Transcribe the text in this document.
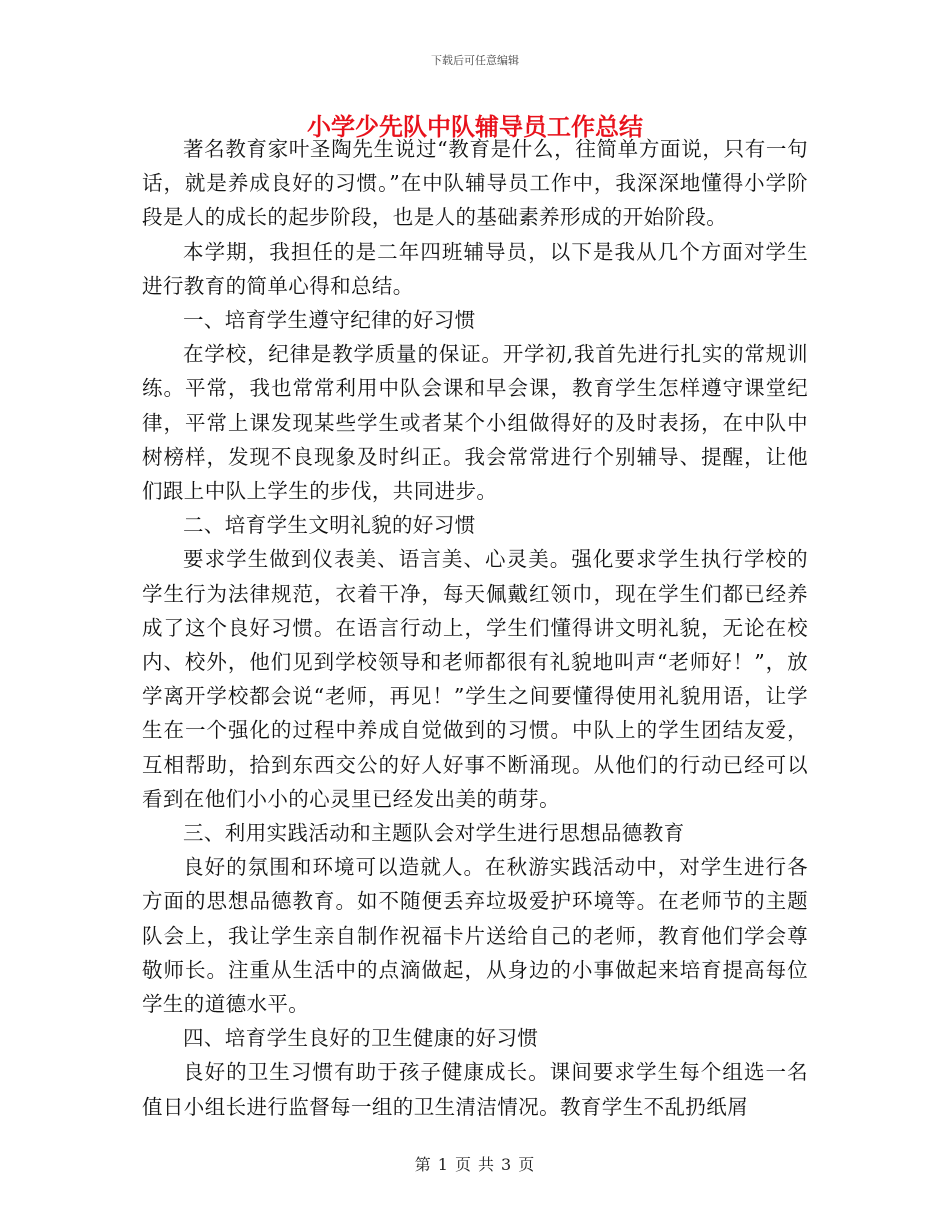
下载后可任意编辑
小学少先队中队辅导员工作总结

著名教育家叶圣陶先生说过“教育是什么，往简单方面说，只有一句话，就是养成良好的习惯。”在中队辅导员工作中，我深深地懂得小学阶段是人的成长的起步阶段，也是人的基础素养形成的开始阶段。

本学期，我担任的是二年四班辅导员，以下是我从几个方面对学生进行教育的简单心得和总结。

一、培育学生遵守纪律的好习惯

在学校，纪律是教学质量的保证。开学初,我首先进行扎实的常规训练。平常，我也常常利用中队会课和早会课，教育学生怎样遵守课堂纪律，平常上课发现某些学生或者某个小组做得好的及时表扬，在中队中树榜样，发现不良现象及时纠正。我会常常进行个别辅导、提醒，让他们跟上中队上学生的步伐，共同进步。

二、培育学生文明礼貌的好习惯

要求学生做到仪表美、语言美、心灵美。强化要求学生执行学校的学生行为法律规范，衣着干净，每天佩戴红领巾，现在学生们都已经养成了这个良好习惯。在语言行动上，学生们懂得讲文明礼貌，无论在校内、校外，他们见到学校领导和老师都很有礼貌地叫声“老师好！”，放学离开学校都会说“老师，再见！”学生之间要懂得使用礼貌用语，让学生在一个强化的过程中养成自觉做到的习惯。中队上的学生团结友爱，互相帮助，拾到东西交公的好人好事不断涌现。从他们的行动已经可以看到在他们小小的心灵里已经发出美的萌芽。

三、利用实践活动和主题队会对学生进行思想品德教育

良好的氛围和环境可以造就人。在秋游实践活动中，对学生进行各方面的思想品德教育。如不随便丢弃垃圾爱护环境等。在老师节的主题队会上，我让学生亲自制作祝福卡片送给自己的老师，教育他们学会尊敬师长。注重从生活中的点滴做起，从身边的小事做起来培育提高每位学生的道德水平。

四、培育学生良好的卫生健康的好习惯

良好的卫生习惯有助于孩子健康成长。课间要求学生每个组选一名值日小组长进行监督每一组的卫生清洁情况。教育学生不乱扔纸屑

第 1 页 共 3 页
